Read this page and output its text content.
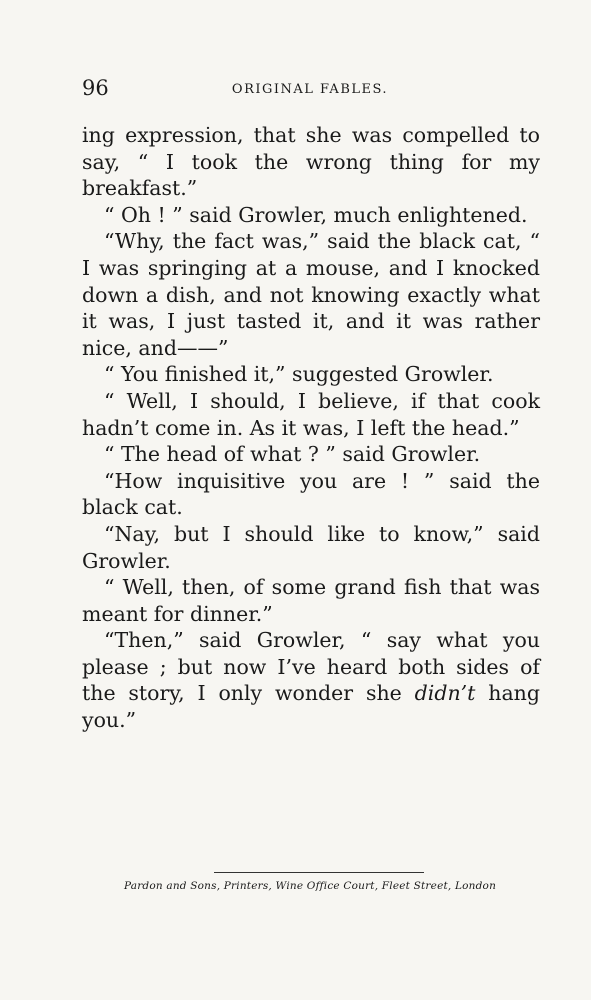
96	ORIGINAL FABLES.

ing expression, that she was compelled to say, “ I took the wrong thing for my breakfast.”

“ Oh ! ” said Growler, much enlightened.

“Why, the fact was,” said the black cat, “ I was springing at a mouse, and I knocked down a dish, and not knowing exactly what it was, I just tasted it, and it was rather nice, and——”

“ You finished it,” suggested Growler.

“ Well, I should, I believe, if that cook hadn’t come in. As it was, I left the head.”

“ The head of what ? ” said Growler.

“How inquisitive you are ! ” said the black cat.

“Nay, but I should like to know,” said Growler.

“ Well, then, of some grand fish that was meant for dinner.”

“Then,” said Growler, “ say what you please ; but now I’ve heard both sides of the story, I only wonder she didn’t hang you.”

Pardon and Sons, Printers, Wine Office Court, Fleet Street, London
